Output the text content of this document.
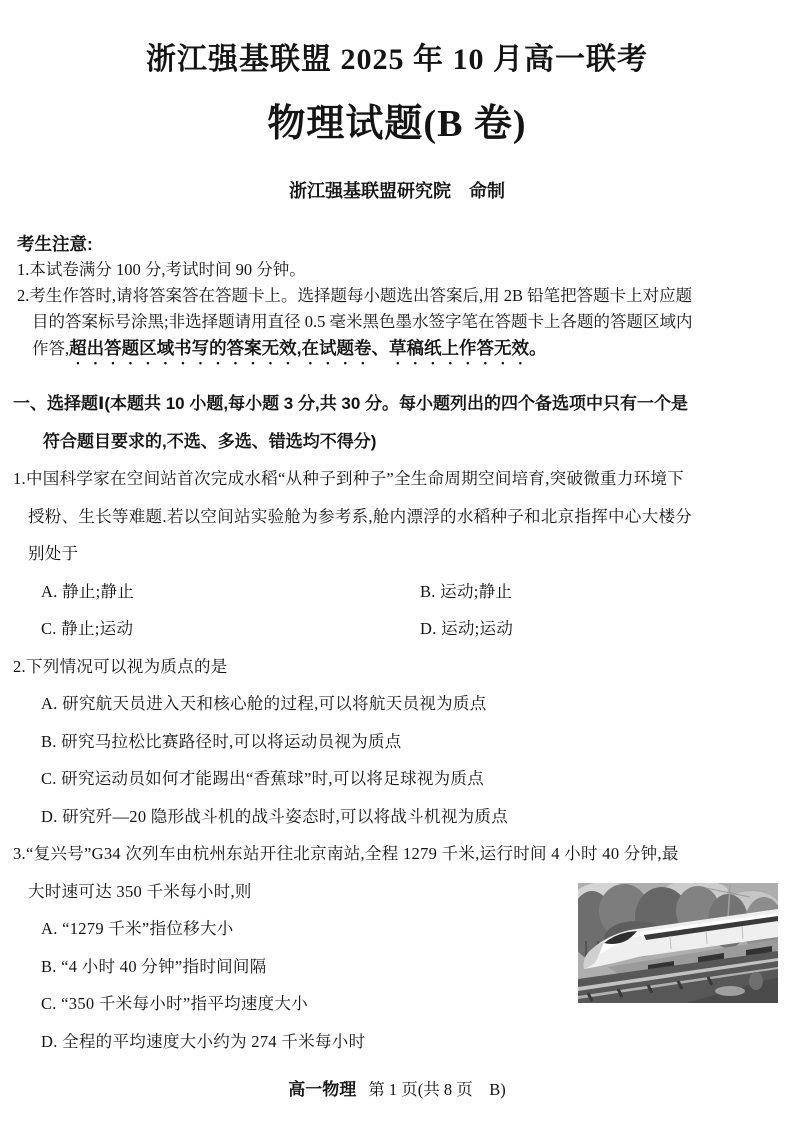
浙江强基联盟 2025 年 10 月高一联考
物理试题(B 卷)
浙江强基联盟研究院　命制
考生注意:
1.本试卷满分 100 分,考试时间 90 分钟。
2.考生作答时,请将答案答在答题卡上。选择题每小题选出答案后,用 2B 铅笔把答题卡上对应题
目的答案标号涂黑;非选择题请用直径 0.5 毫米黑色墨水签字笔在答题卡上各题的答题区域内
作答,超出答题区域书写的答案无效,在试题卷、草稿纸上作答无效。
一、选择题Ⅰ(本题共 10 小题,每小题 3 分,共 30 分。每小题列出的四个备选项中只有一个是
符合题目要求的,不选、多选、错选均不得分)
1.中国科学家在空间站首次完成水稻“从种子到种子”全生命周期空间培育,突破微重力环境下
授粉、生长等难题.若以空间站实验舱为参考系,舱内漂浮的水稻种子和北京指挥中心大楼分
别处于
A. 静止;静止	B. 运动;静止
C. 静止;运动	D. 运动;运动
2.下列情况可以视为质点的是
A. 研究航天员进入天和核心舱的过程,可以将航天员视为质点
B. 研究马拉松比赛路径时,可以将运动员视为质点
C. 研究运动员如何才能踢出“香蕉球”时,可以将足球视为质点
D. 研究歼—20 隐形战斗机的战斗姿态时,可以将战斗机视为质点
3.“复兴号”G34 次列车由杭州东站开往北京南站,全程 1279 千米,运行时间 4 小时 40 分钟,最
大时速可达 350 千米每小时,则
A. “1279 千米”指位移大小
B. “4 小时 40 分钟”指时间间隔
C. “350 千米每小时”指平均速度大小
D. 全程的平均速度大小约为 274 千米每小时
高一物理 第 1 页(共 8 页　B)
